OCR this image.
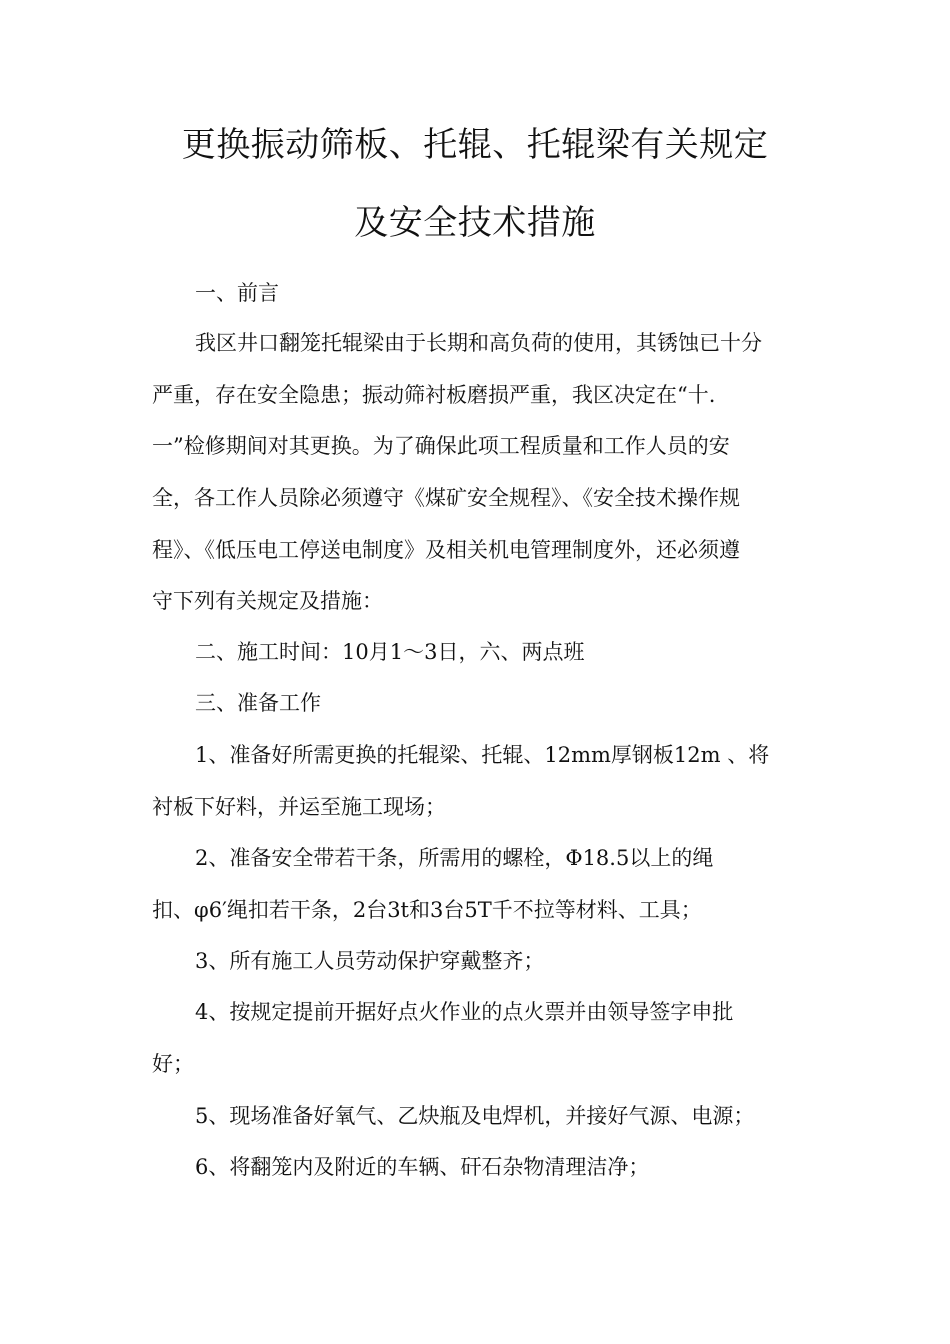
更换振动筛板、托辊、托辊梁有关规定
及安全技术措施
一、前言
我区井口翻笼托辊梁由于长期和高负荷的使用，其锈蚀已十分
严重，存在安全隐患；振动筛衬板磨损严重，我区决定在“十.
一”检修期间对其更换。为了确保此项工程质量和工作人员的安
全，各工作人员除必须遵守《煤矿安全规程》、《安全技术操作规
程》、《低压电工停送电制度》及相关机电管理制度外，还必须遵
守下列有关规定及措施：
二、施工时间：10月1～3日，六、两点班
三、准备工作
1、准备好所需更换的托辊梁、托辊、12mm厚钢板12m 、将
衬板下好料，并运至施工现场；
2、准备安全带若干条，所需用的螺栓，Φ18.5以上的绳
扣、φ6′绳扣若干条，2台3t和3台5T千不拉等材料、工具；
3、所有施工人员劳动保护穿戴整齐；
4、按规定提前开据好点火作业的点火票并由领导签字申批
好；
5、现场准备好氧气、乙炔瓶及电焊机，并接好气源、电源；
6、将翻笼内及附近的车辆、矸石杂物清理洁净；
